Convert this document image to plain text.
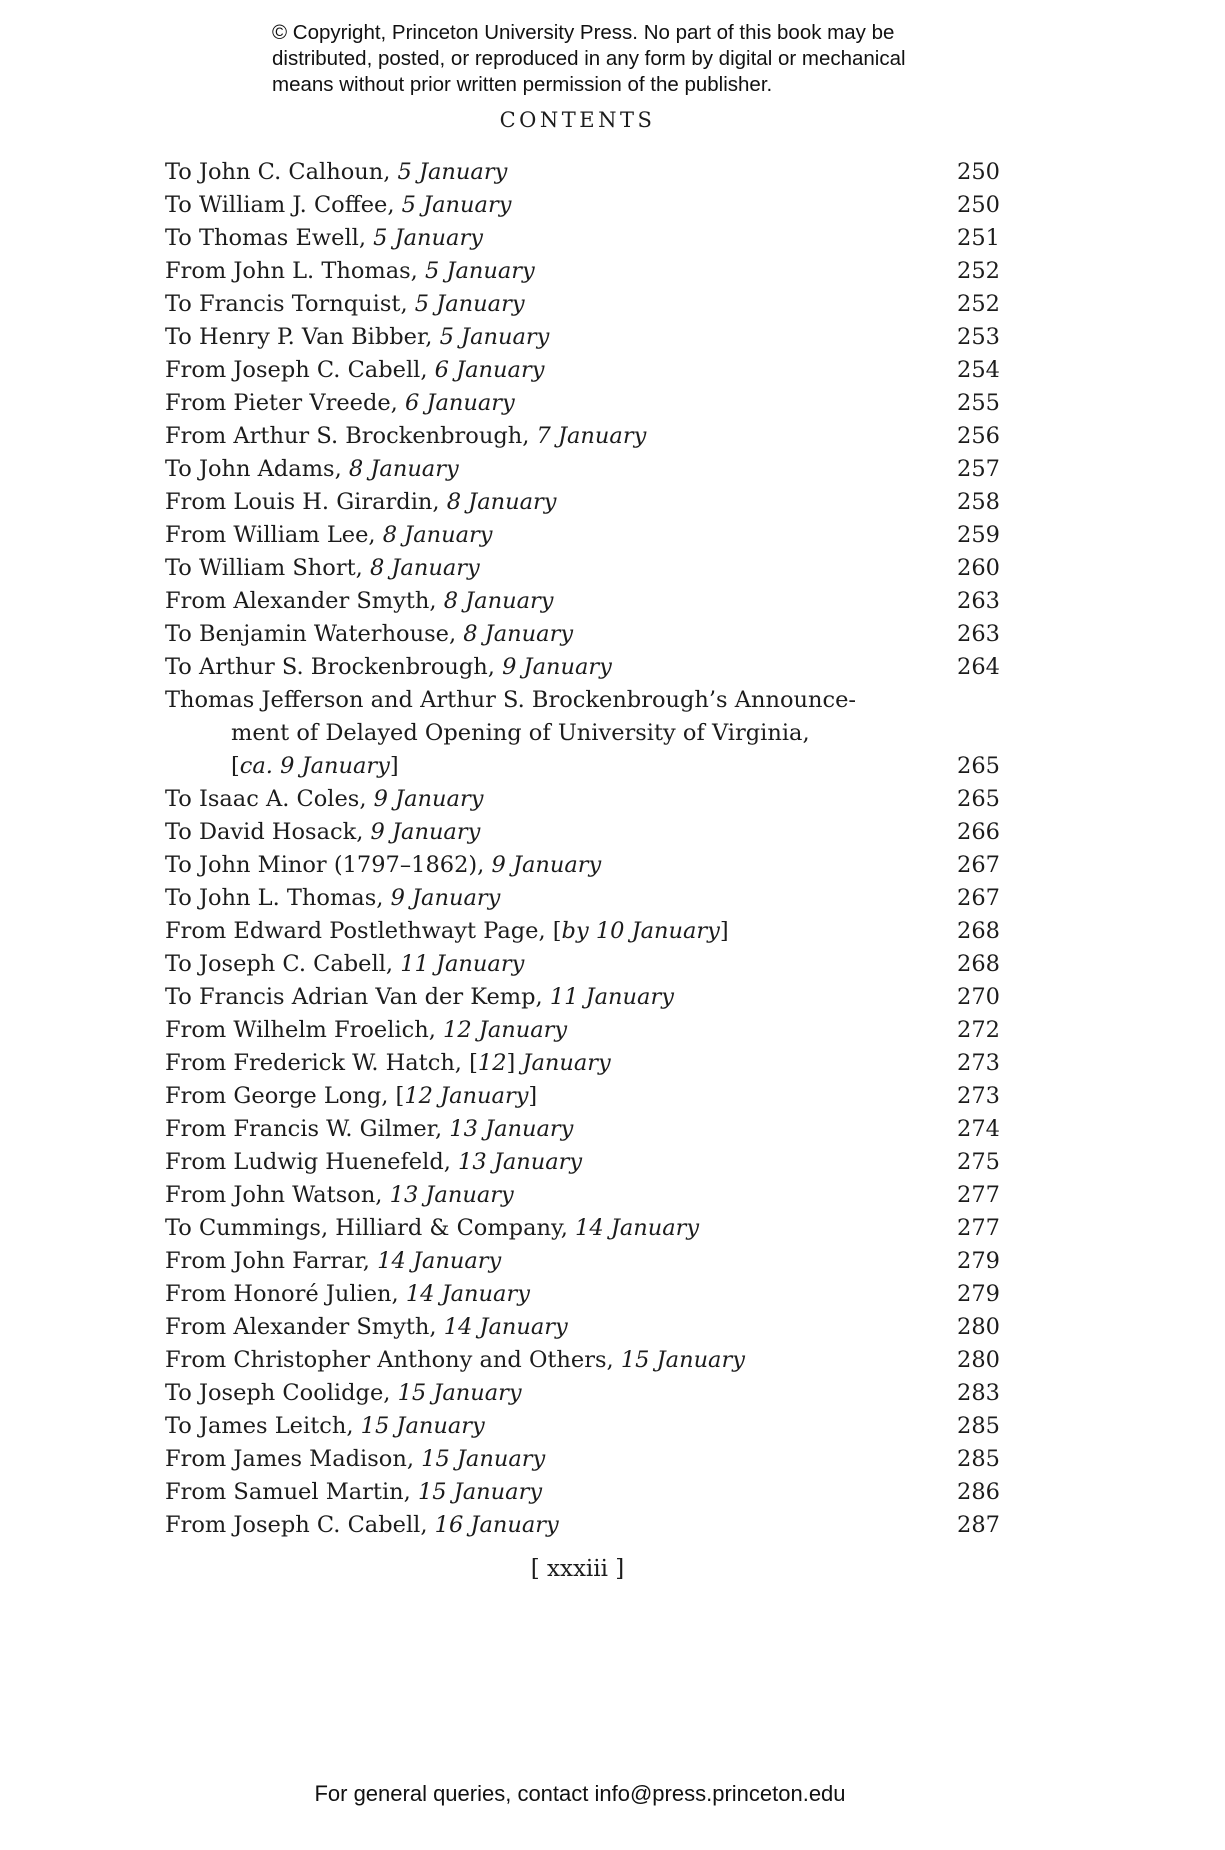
© Copyright, Princeton University Press. No part of this book may be
distributed, posted, or reproduced in any form by digital or mechanical
means without prior written permission of the publisher.
CONTENTS
To John C. Calhoun, 5 January	250
To William J. Coffee, 5 January	250
To Thomas Ewell, 5 January	251
From John L. Thomas, 5 January	252
To Francis Tornquist, 5 January	252
To Henry P. Van Bibber, 5 January	253
From Joseph C. Cabell, 6 January	254
From Pieter Vreede, 6 January	255
From Arthur S. Brockenbrough, 7 January	256
To John Adams, 8 January	257
From Louis H. Girardin, 8 January	258
From William Lee, 8 January	259
To William Short, 8 January	260
From Alexander Smyth, 8 January	263
To Benjamin Waterhouse, 8 January	263
To Arthur S. Brockenbrough, 9 January	264
Thomas Jefferson and Arthur S. Brockenbrough’s Announce-
ment of Delayed Opening of University of Virginia,
[ca. 9 January]	265
To Isaac A. Coles, 9 January	265
To David Hosack, 9 January	266
To John Minor (1797–1862), 9 January	267
To John L. Thomas, 9 January	267
From Edward Postlethwayt Page, [by 10 January]	268
To Joseph C. Cabell, 11 January	268
To Francis Adrian Van der Kemp, 11 January	270
From Wilhelm Froelich, 12 January	272
From Frederick W. Hatch, [12] January	273
From George Long, [12 January]	273
From Francis W. Gilmer, 13 January	274
From Ludwig Huenefeld, 13 January	275
From John Watson, 13 January	277
To Cummings, Hilliard & Company, 14 January	277
From John Farrar, 14 January	279
From Honoré Julien, 14 January	279
From Alexander Smyth, 14 January	280
From Christopher Anthony and Others, 15 January	280
To Joseph Coolidge, 15 January	283
To James Leitch, 15 January	285
From James Madison, 15 January	285
From Samuel Martin, 15 January	286
From Joseph C. Cabell, 16 January	287
[ xxxiii ]
For general queries, contact info@press.princeton.edu
